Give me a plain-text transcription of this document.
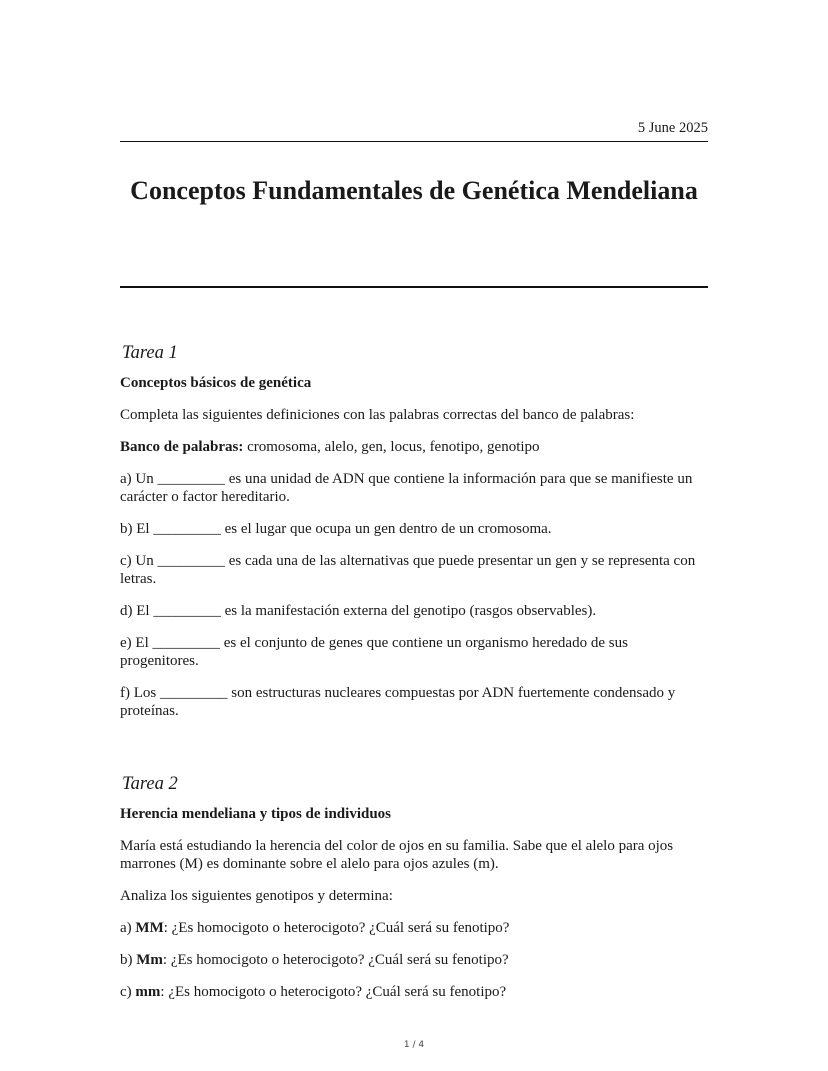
5 June 2025
Conceptos Fundamentales de Genética Mendeliana
Tarea 1
Conceptos básicos de genética

Completa las siguientes definiciones con las palabras correctas del banco de palabras:

Banco de palabras: cromosoma, alelo, gen, locus, fenotipo, genotipo

a) Un _________ es una unidad de ADN que contiene la información para que se manifieste un carácter o factor hereditario.

b) El _________ es el lugar que ocupa un gen dentro de un cromosoma.

c) Un _________ es cada una de las alternativas que puede presentar un gen y se representa con letras.

d) El _________ es la manifestación externa del genotipo (rasgos observables).

e) El _________ es el conjunto de genes que contiene un organismo heredado de sus progenitores.

f) Los _________ son estructuras nucleares compuestas por ADN fuertemente condensado y proteínas.

Tarea 2
Herencia mendeliana y tipos de individuos

María está estudiando la herencia del color de ojos en su familia. Sabe que el alelo para ojos marrones (M) es dominante sobre el alelo para ojos azules (m).

Analiza los siguientes genotipos y determina:

a) MM: ¿Es homocigoto o heterocigoto? ¿Cuál será su fenotipo?

b) Mm: ¿Es homocigoto o heterocigoto? ¿Cuál será su fenotipo?

c) mm: ¿Es homocigoto o heterocigoto? ¿Cuál será su fenotipo?

1 / 4
